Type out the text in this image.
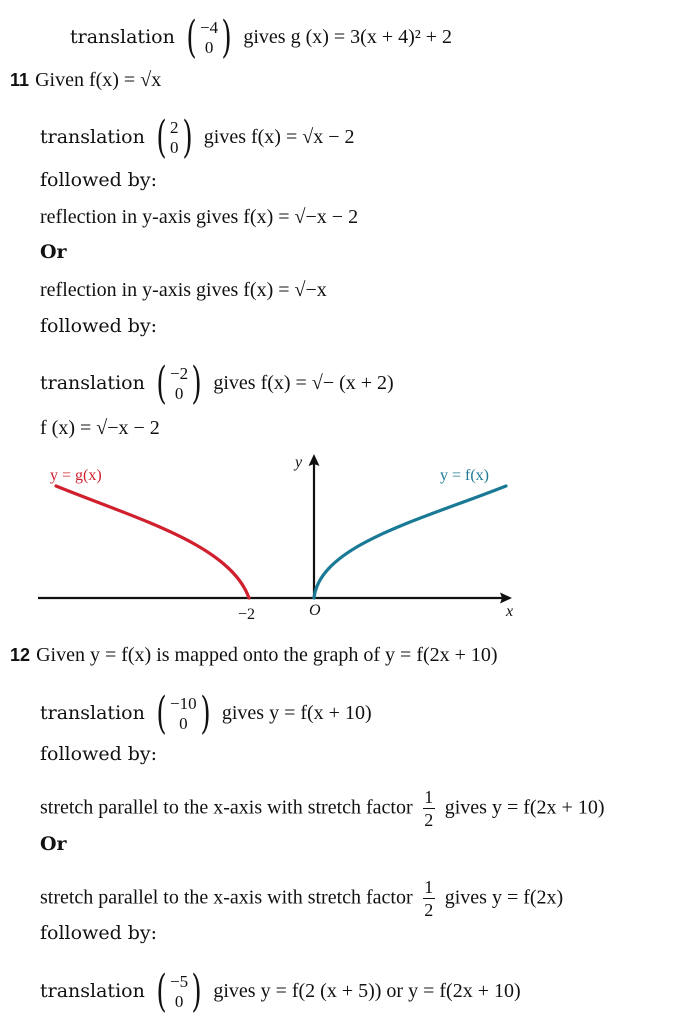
translation ( −4
0 ) gives g (x) = 3(x + 4)² + 2
11 Given f(x) = √x
translation ( 2
0 ) gives f(x) = √x − 2
followed by:
reflection in y-axis gives f(x) = √−x − 2
Or
reflection in y-axis gives f(x) = √−x
followed by:
translation ( −2
0 ) gives f(x) = √− (x + 2)
f (x) = √−x − 2
y
x
O
−2
y = g(x)	y = f(x)
12 Given y = f(x) is mapped onto the graph of y = f(2x + 10)
translation ( −10
0 ) gives y = f(x + 10)
followed by:
stretch parallel to the x-axis with stretch factor $\frac{1}{2}$ gives y = f(2x + 10)
Or
stretch parallel to the x-axis with stretch factor $\frac{1}{2}$ gives y = f(2x)
followed by:
translation ( −5
0 ) gives y = f(2 (x + 5)) or y = f(2x + 10)
